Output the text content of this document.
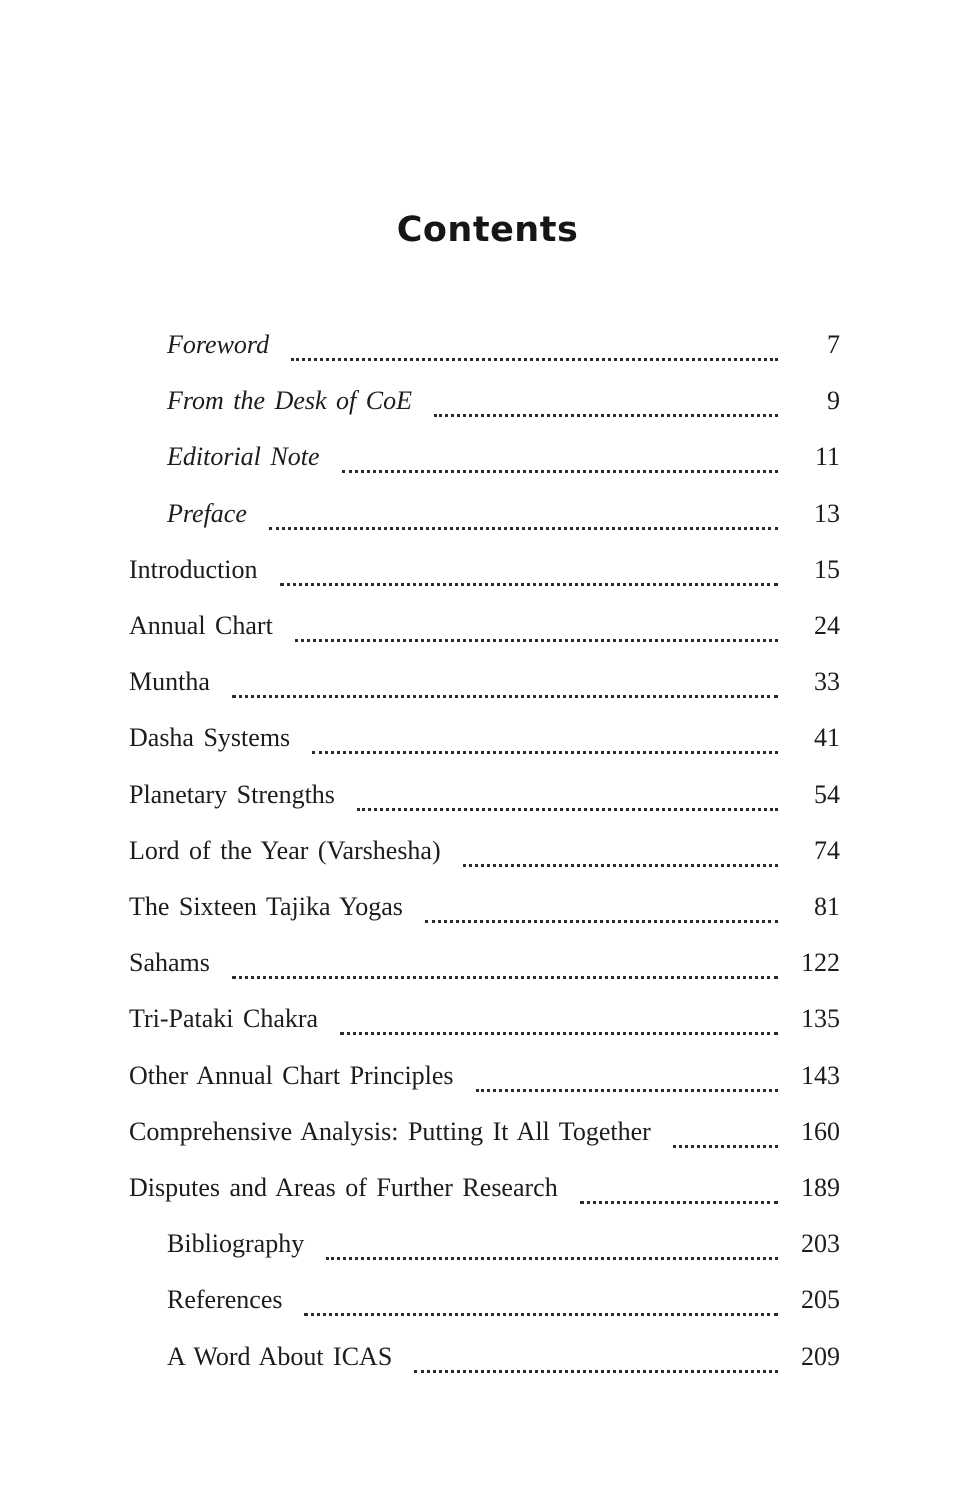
Contents
Foreword	7
From the Desk of CoE	9
Editorial Note	11
Preface	13
Introduction	15
Annual Chart	24
Muntha	33
Dasha Systems	41
Planetary Strengths	54
Lord of the Year (Varshesha)	74
The Sixteen Tajika Yogas	81
Sahams	122
Tri-Pataki Chakra	135
Other Annual Chart Principles	143
Comprehensive Analysis: Putting It All Together	160
Disputes and Areas of Further Research	189
Bibliography	203
References	205
A Word About ICAS	209
